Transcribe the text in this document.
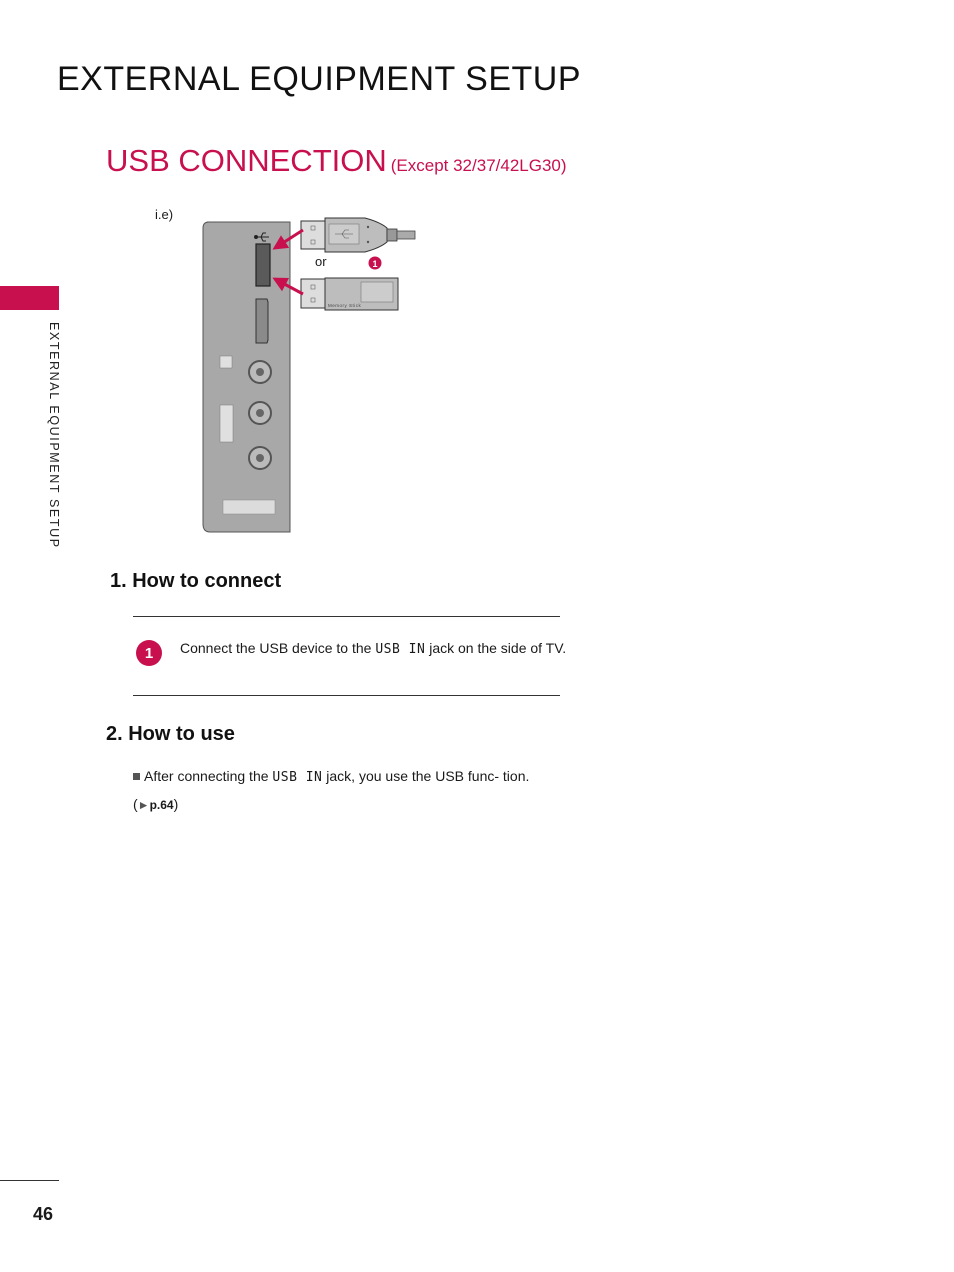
EXTERNAL EQUIPMENT SETUP
USB CONNECTION (Except 32/37/42LG30)
EXTERNAL EQUIPMENT SETUP
i.e)
or
Memory Stick
1
1. How to connect
1	Connect the USB device to the USB IN jack on the side of TV.
2. How to use
After connecting the USB IN jack, you use the USB func- tion. (►p.64)
46
